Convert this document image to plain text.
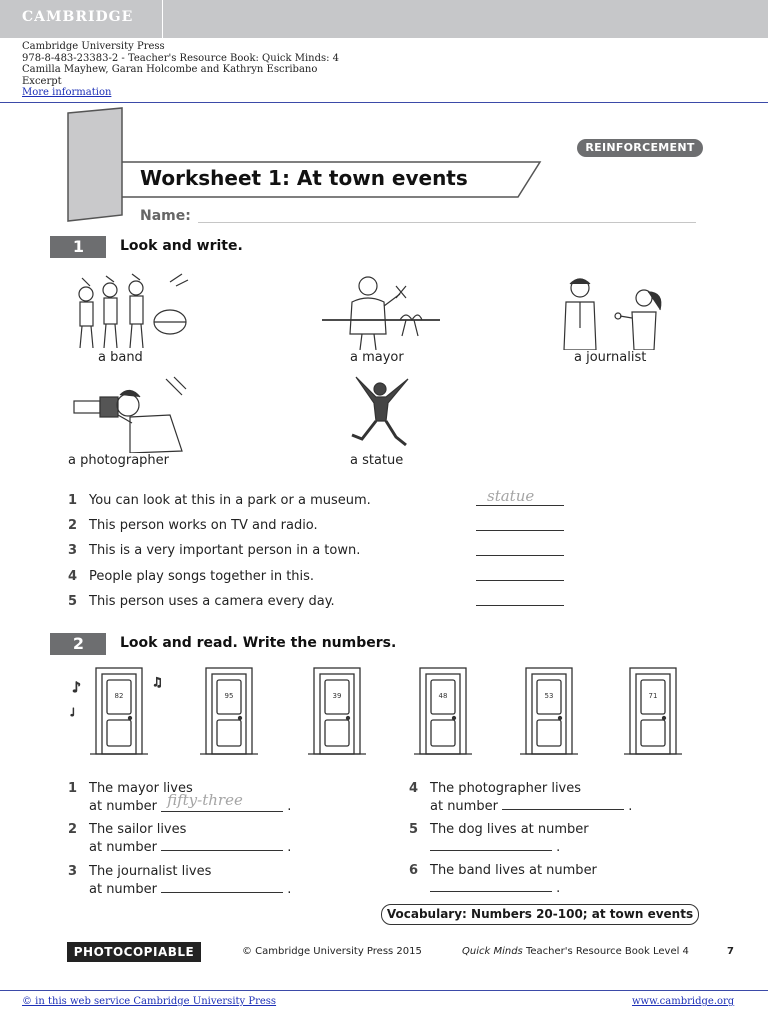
CAMBRIDGE
Cambridge University Press
978-8-483-23383-2 - Teacher's Resource Book: Quick Minds: 4
Camilla Mayhew, Garan Holcombe and Kathryn Escribano
Excerpt
More information
REINFORCEMENT
Worksheet 1: At town events
Name:
1	Look and write.
a band	a mayor	a journalist
a photographer	a statue
1 You can look at this in a park or a museum.	statue
2 This person works on TV and radio.
3 This is a very important person in a town.
4 People play songs together in this.
5 This person uses a camera every day.
2	Look and read. Write the numbers.
82	95	39	48	53	71
♪	♫
♩
1 The mayor lives
at number fifty-three	.
2 The sailor lives
at number	.
3 The journalist lives
at number	.
4 The photographer lives
at number	.
5 The dog lives at number
.
6 The band lives at number
.
Vocabulary: Numbers 20-100; at town events
PHOTOCOPIABLE	© Cambridge University Press 2015	Quick Minds Teacher's Resource Book Level 4	7
© in this web service Cambridge University Press	www.cambridge.org
